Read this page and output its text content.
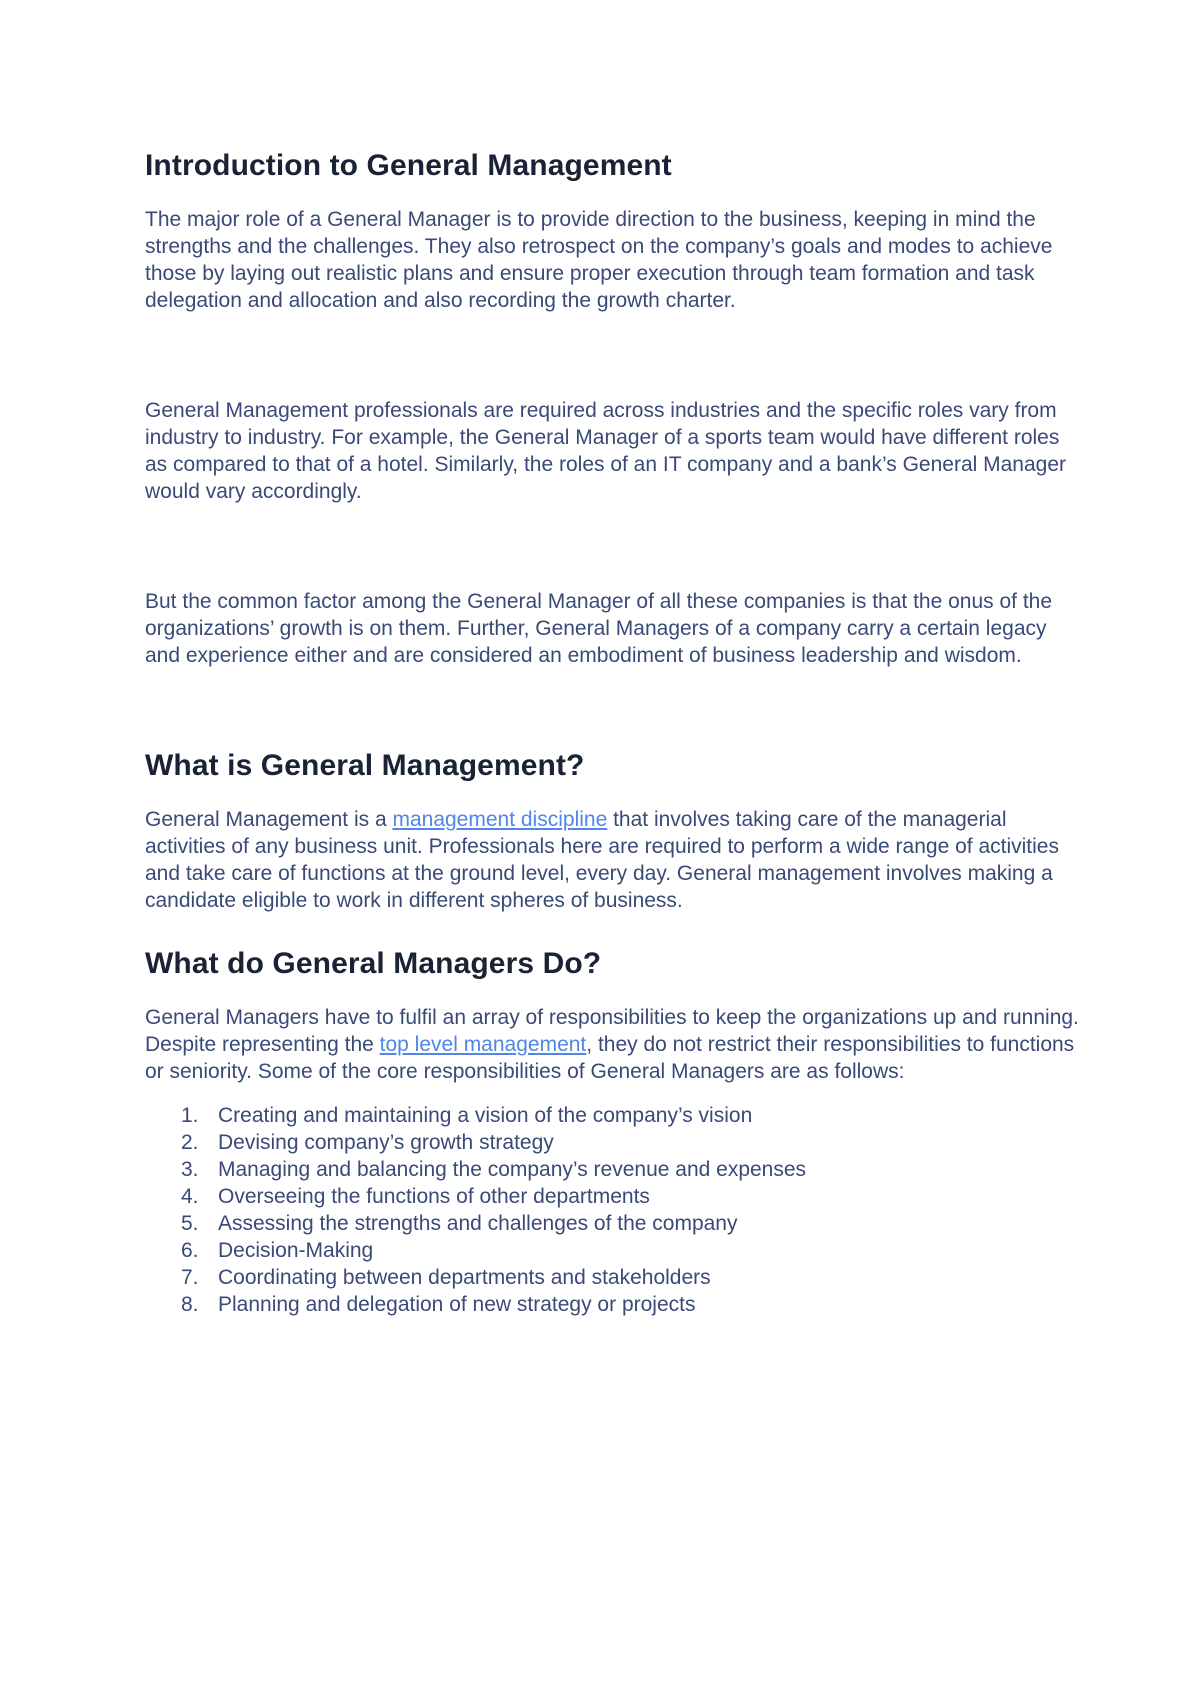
Introduction to General Management

The major role of a General Manager is to provide direction to the business, keeping in mind the strengths and the challenges. They also retrospect on the company’s goals and modes to achieve those by laying out realistic plans and ensure proper execution through team formation and task delegation and allocation and also recording the growth charter.

General Management professionals are required across industries and the specific roles vary from industry to industry. For example, the General Manager of a sports team would have different roles as compared to that of a hotel. Similarly, the roles of an IT company and a bank’s General Manager would vary accordingly.

But the common factor among the General Manager of all these companies is that the onus of the organizations’ growth is on them. Further, General Managers of a company carry a certain legacy and experience either and are considered an embodiment of business leadership and wisdom.

What is General Management?

General Management is a management discipline that involves taking care of the managerial activities of any business unit. Professionals here are required to perform a wide range of activities and take care of functions at the ground level, every day. General management involves making a candidate eligible to work in different spheres of business.

What do General Managers Do?

General Managers have to fulfil an array of responsibilities to keep the organizations up and running. Despite representing the top level management, they do not restrict their responsibilities to functions or seniority. Some of the core responsibilities of General Managers are as follows:

1. Creating and maintaining a vision of the company’s vision
2. Devising company’s growth strategy
3. Managing and balancing the company’s revenue and expenses
4. Overseeing the functions of other departments
5. Assessing the strengths and challenges of the company
6. Decision-Making
7. Coordinating between departments and stakeholders
8. Planning and delegation of new strategy or projects
